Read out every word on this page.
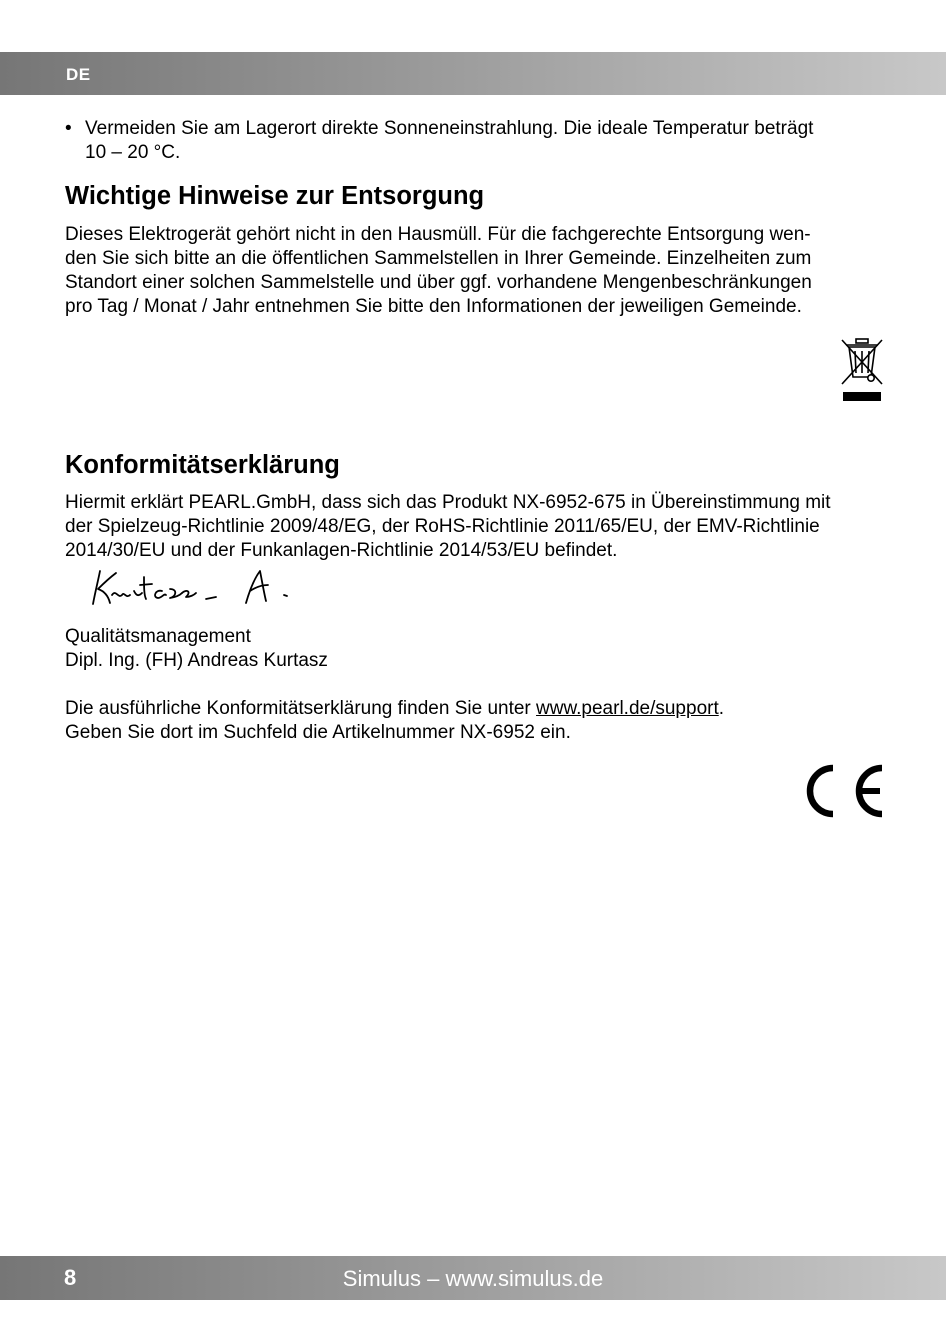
DE
• Vermeiden Sie am Lagerort direkte Sonneneinstrahlung. Die ideale Temperatur beträgt
10 – 20 °C.
Wichtige Hinweise zur Entsorgung
Dieses Elektrogerät gehört nicht in den Hausmüll. Für die fachgerechte Entsorgung wen-
den Sie sich bitte an die öffentlichen Sammelstellen in Ihrer Gemeinde. Einzelheiten zum
Standort einer solchen Sammelstelle und über ggf. vorhandene Mengenbeschränkungen
pro Tag / Monat / Jahr entnehmen Sie bitte den Informationen der jeweiligen Gemeinde.
Konformitätserklärung
Hiermit erklärt PEARL.GmbH, dass sich das Produkt NX-6952-675 in Übereinstimmung mit
der Spielzeug-Richtlinie 2009/48/EG, der RoHS-Richtlinie 2011/65/EU, der EMV-Richtlinie
2014/30/EU und der Funkanlagen-Richtlinie 2014/53/EU befindet.
Qualitätsmanagement
Dipl. Ing. (FH) Andreas Kurtasz
Die ausführliche Konformitätserklärung finden Sie unter www.pearl.de/support.
Geben Sie dort im Suchfeld die Artikelnummer NX-6952 ein.
8	Simulus – www.simulus.de
